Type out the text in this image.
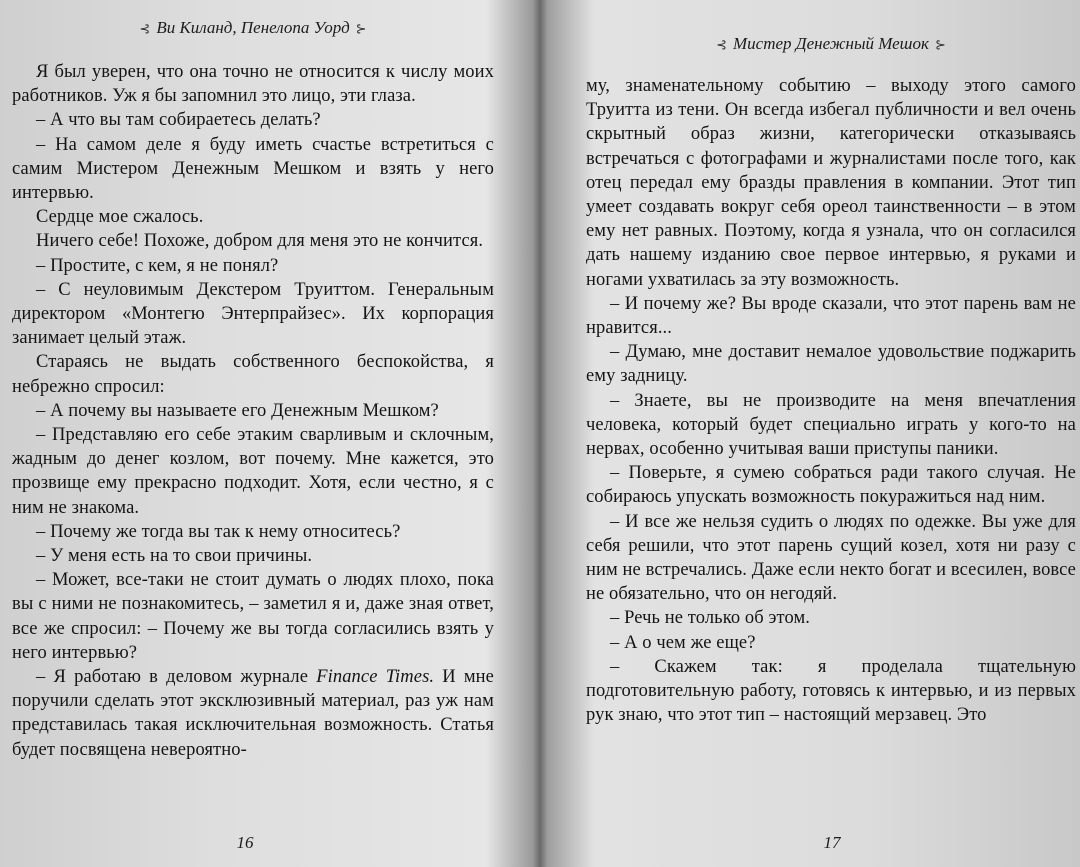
⊰ Ви Киланд, Пенелопа Уорд ⊱

Я был уверен, что она точно не относится к числу моих работников. Уж я бы запомнил это лицо, эти глаза.

– А что вы там собираетесь делать?

– На самом деле я буду иметь счастье встретиться с самим Мистером Денежным Мешком и взять у него интервью.

Сердце мое сжалось.

Ничего себе! Похоже, добром для меня это не кончится.

– Простите, с кем, я не понял?

– С неуловимым Декстером Труиттом. Генеральным директором «Монтегю Энтерпрайзес». Их корпорация занимает целый этаж.

Стараясь не выдать собственного беспокойства, я небрежно спросил:

– А почему вы называете его Денежным Мешком?

– Представляю его себе этаким сварливым и склочным, жадным до денег козлом, вот почему. Мне кажется, это прозвище ему прекрасно подходит. Хотя, если честно, я с ним не знакома.

– Почему же тогда вы так к нему относитесь?

– У меня есть на то свои причины.

– Может, все-таки не стоит думать о людях плохо, пока вы с ними не познакомитесь, – заметил я и, даже зная ответ, все же спросил: – Почему же вы тогда согласились взять у него интервью?

– Я работаю в деловом журнале Finance Times. И мне поручили сделать этот эксклюзивный материал, раз уж нам представилась такая исключительная возможность. Статья будет посвящена невероятно-

16
⊰ Мистер Денежный Мешок ⊱

му, знаменательному событию – выходу этого самого Труитта из тени. Он всегда избегал публичности и вел очень скрытный образ жизни, категорически отказываясь встречаться с фотографами и журналистами после того, как отец передал ему бразды правления в компании. Этот тип умеет создавать вокруг себя ореол таинственности – в этом ему нет равных. Поэтому, когда я узнала, что он согласился дать нашему изданию свое первое интервью, я руками и ногами ухватилась за эту возможность.

– И почему же? Вы вроде сказали, что этот парень вам не нравится...

– Думаю, мне доставит немалое удовольствие поджарить ему задницу.

– Знаете, вы не производите на меня впечатления человека, который будет специально играть у кого-то на нервах, особенно учитывая ваши приступы паники.

– Поверьте, я сумею собраться ради такого случая. Не собираюсь упускать возможность покуражиться над ним.

– И все же нельзя судить о людях по одежке. Вы уже для себя решили, что этот парень сущий козел, хотя ни разу с ним не встречались. Даже если некто богат и всесилен, вовсе не обязательно, что он негодяй.

– Речь не только об этом.

– А о чем же еще?

– Скажем так: я проделала тщательную подготовительную работу, готовясь к интервью, и из первых рук знаю, что этот тип – настоящий мерзавец. Это

17
